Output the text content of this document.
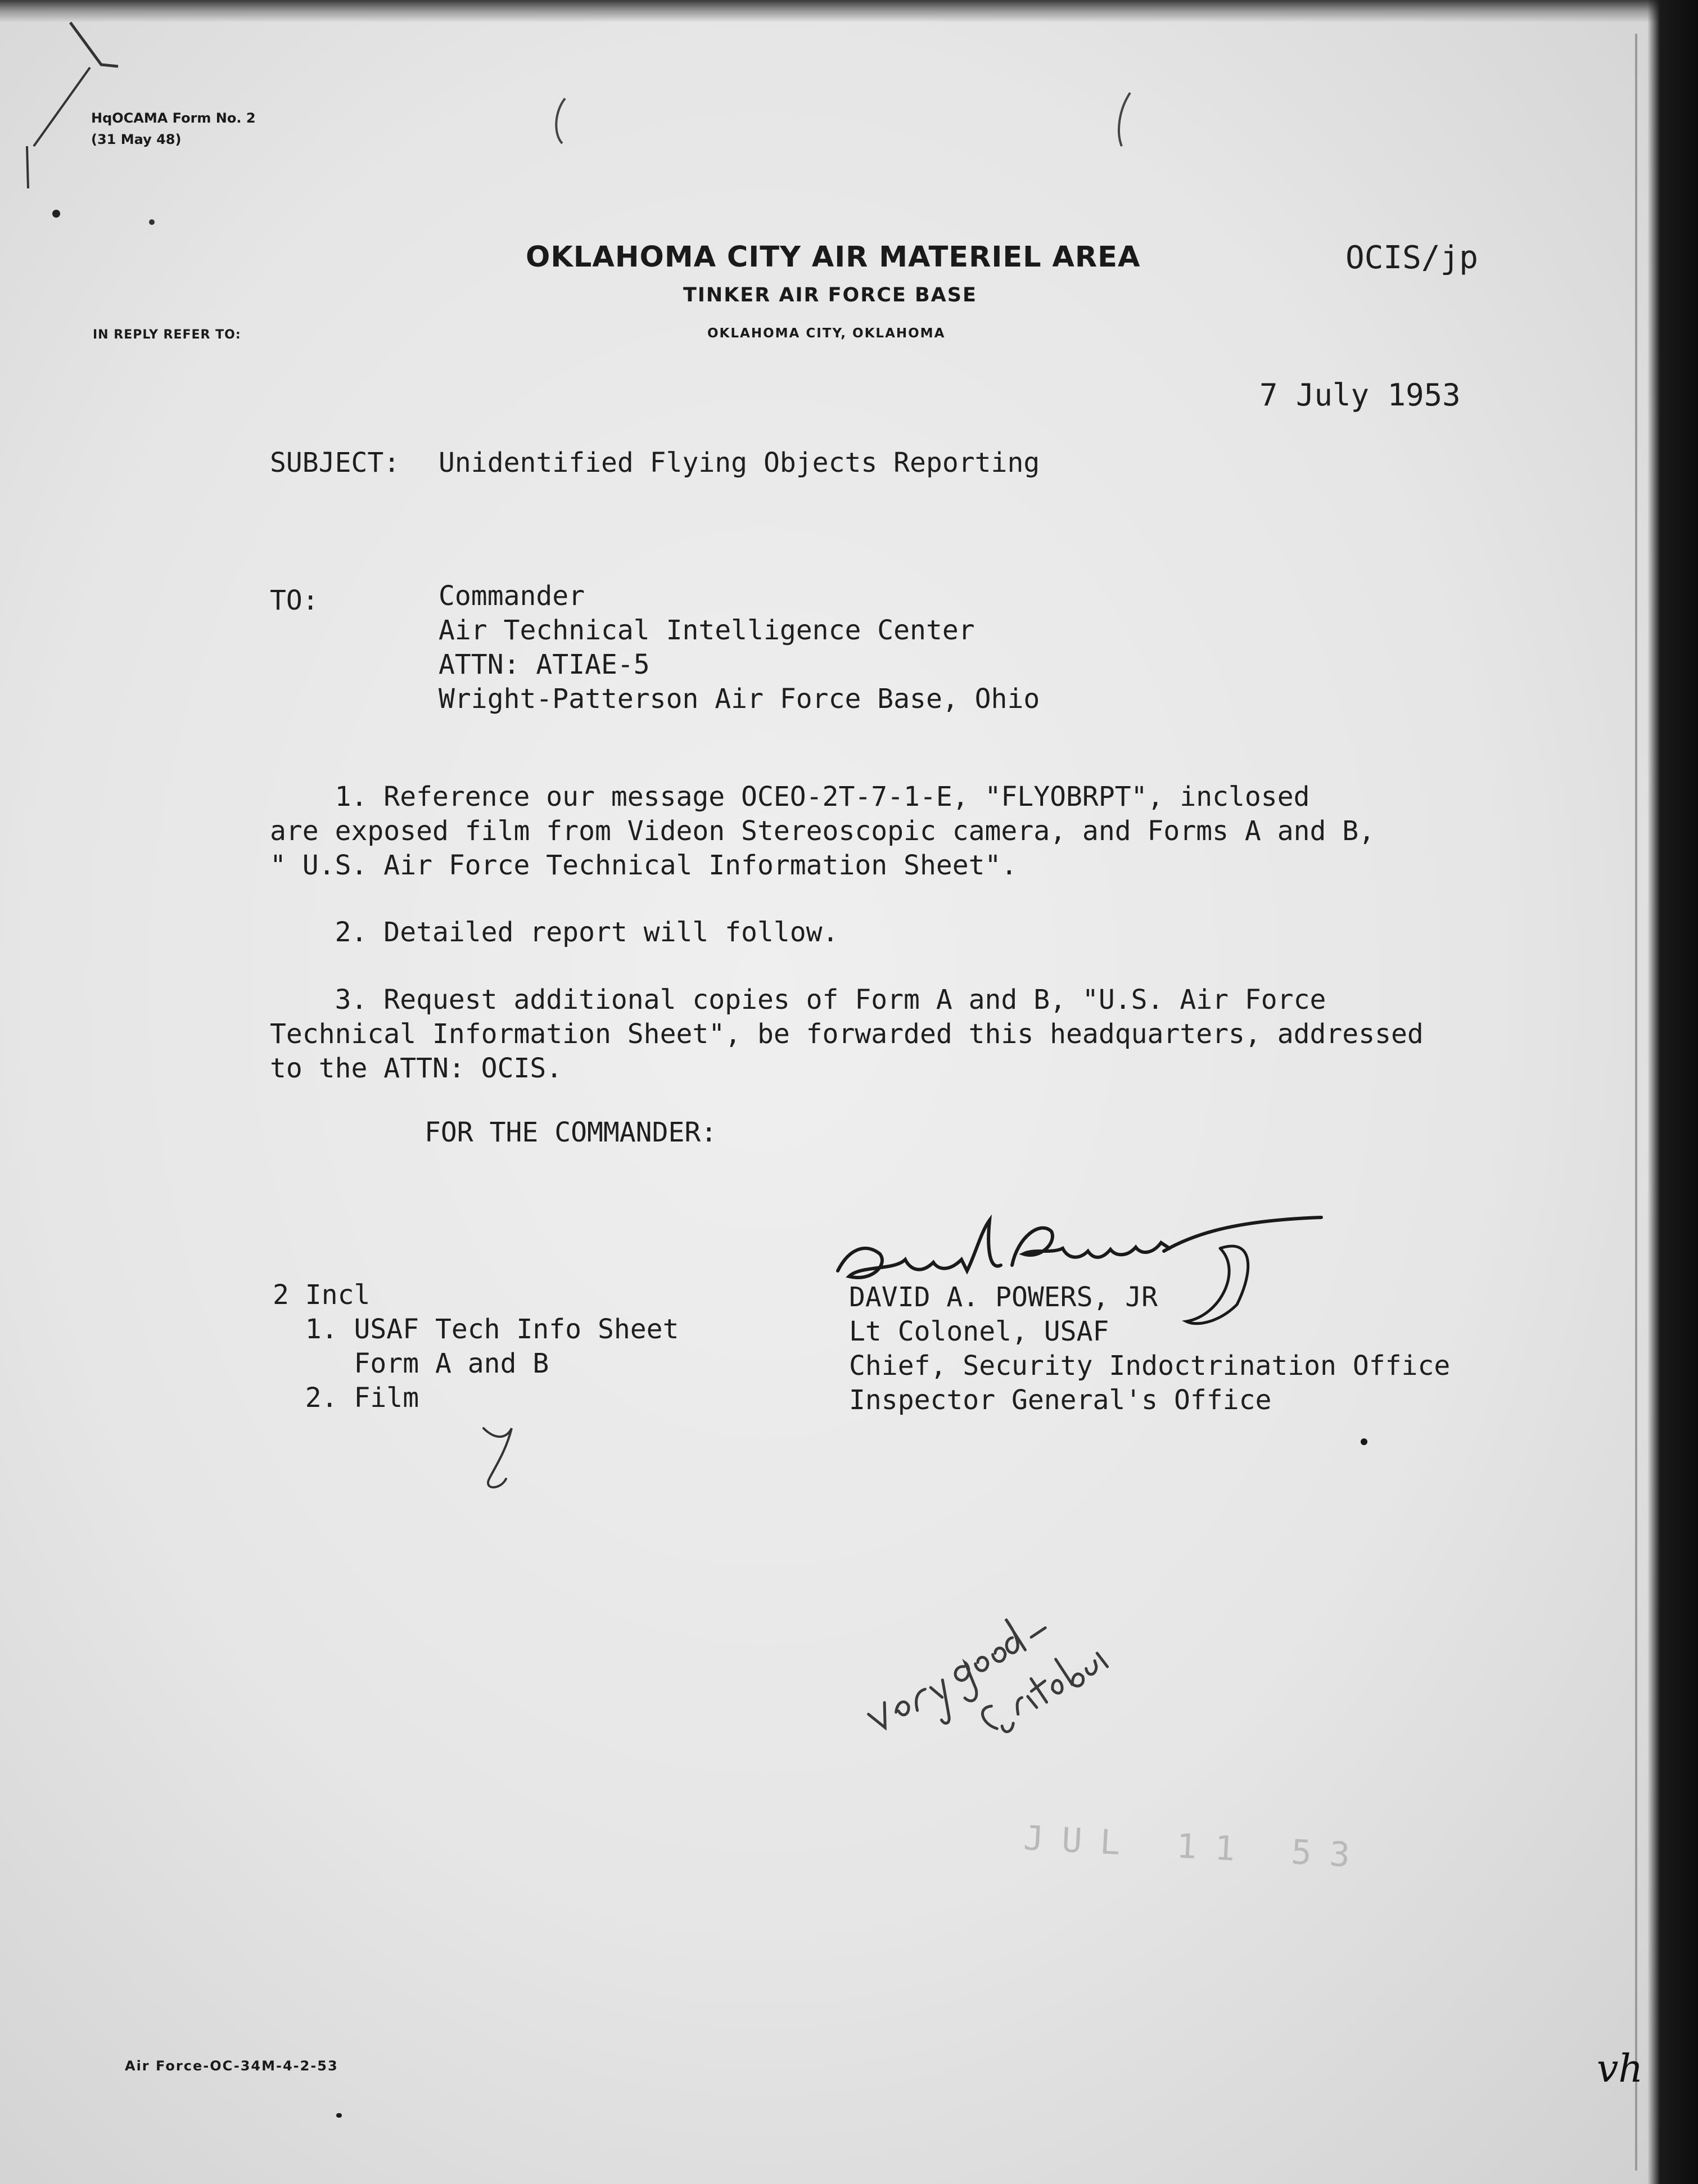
HqOCAMA Form No. 2
(31 May 48)
OKLAHOMA CITY AIR MATERIEL AREA
TINKER AIR FORCE BASE
OKLAHOMA CITY, OKLAHOMA
IN REPLY REFER TO:
OCIS/jp
7 July 1953
SUBJECT: Unidentified Flying Objects Reporting
TO:	Commander
Air Technical Intelligence Center
ATTN: ATIAE-5
Wright-Patterson Air Force Base, Ohio
1. Reference our message OCEO-2T-7-1-E, "FLYOBRPT", inclosed
are exposed film from Videon Stereoscopic camera, and Forms A and B,
" U.S. Air Force Technical Information Sheet".
2. Detailed report will follow.
3. Request additional copies of Form A and B, "U.S. Air Force
Technical Information Sheet", be forwarded this headquarters, addressed
to the ATTN: OCIS.
FOR THE COMMANDER:
2 Incl
1. USAF Tech Info Sheet
Form A and B
2. Film
DAVID A. POWERS, JR
Lt Colonel, USAF
Chief, Security Indoctrination Office
Inspector General's Office
JUL 11 53
Air Force-OC-34M-4-2-53	vh
